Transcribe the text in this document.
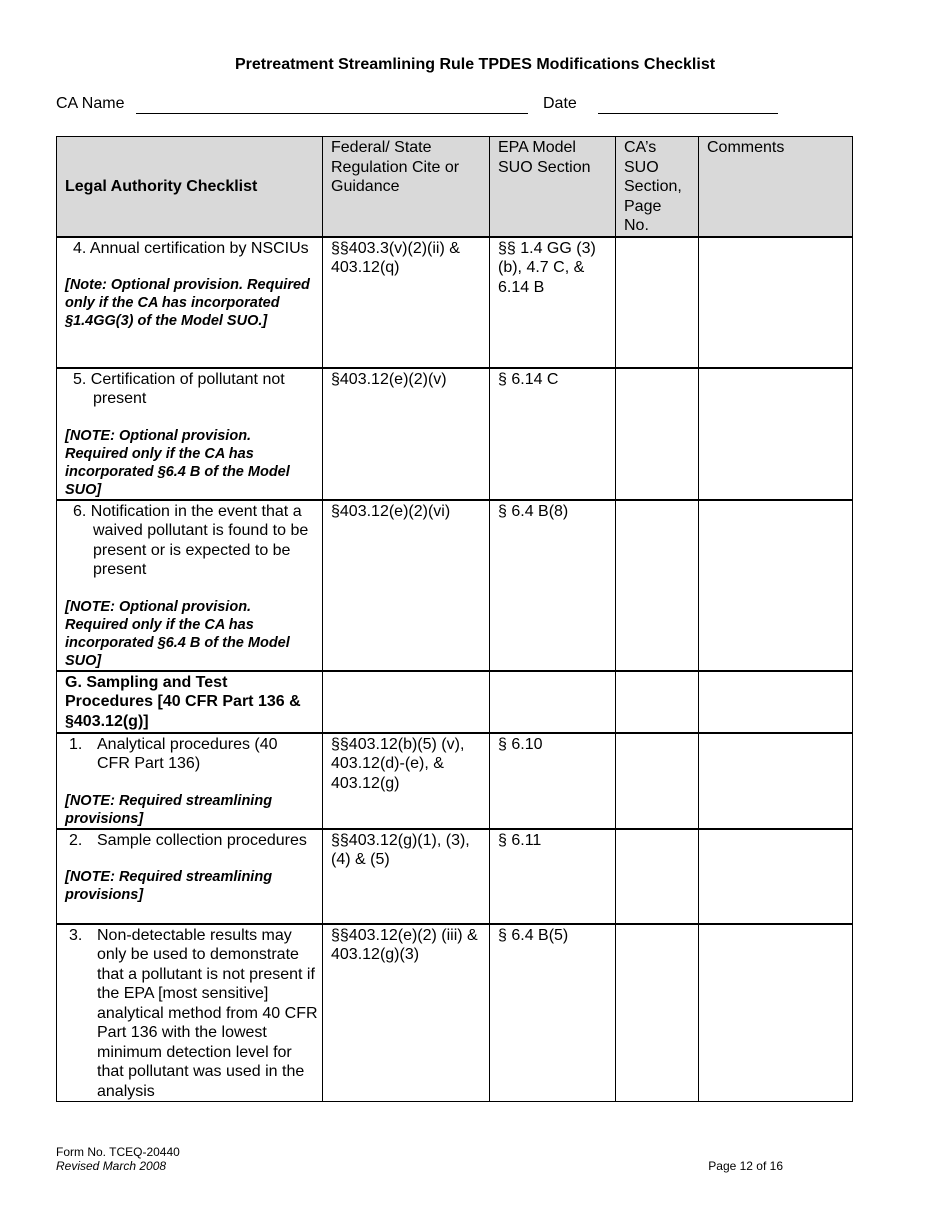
Pretreatment Streamlining Rule TPDES Modifications Checklist
CA Name	Date
Legal Authority Checklist	Federal/ State Regulation Cite or Guidance	EPA Model SUO Section	CA’s SUO Section, Page No.	Comments

4. Annual certification by NSCIUs
[Note: Optional provision. Required only if the CA has incorporated §1.4GG(3) of the Model SUO.]	§§403.3(v)(2)(ii) & 403.12(q)	§§ 1.4 GG (3) (b), 4.7 C, & 6.14 B		

5. Certification of pollutant not present
[NOTE: Optional provision. Required only if the CA has incorporated §6.4 B of the Model SUO]	§403.12(e)(2)(v)	§ 6.14 C		

6. Notification in the event that a waived pollutant is found to be present or is expected to be present
[NOTE: Optional provision. Required only if the CA has incorporated §6.4 B of the Model SUO]	§403.12(e)(2)(vi)	§ 6.4 B(8)		
G. Sampling and Test Procedures [40 CFR Part 136 & §403.12(g)]				

1. Analytical procedures (40 CFR Part 136)
[NOTE: Required streamlining provisions]	§§403.12(b)(5) (v), 403.12(d)-(e), & 403.12(g)	§ 6.10		

2. Sample collection procedures
[NOTE: Required streamlining provisions]	§§403.12(g)(1), (3), (4) & (5)	§ 6.11		

3. Non-detectable results may only be used to demonstrate that a pollutant is not present if the EPA [most sensitive] analytical method from 40 CFR Part 136 with the lowest minimum detection level for that pollutant was used in the analysis	§§403.12(e)(2) (iii) & 403.12(g)(3)	§ 6.4 B(5)		
Form No. TCEQ-20440
Revised March 2008	Page 12 of 16
